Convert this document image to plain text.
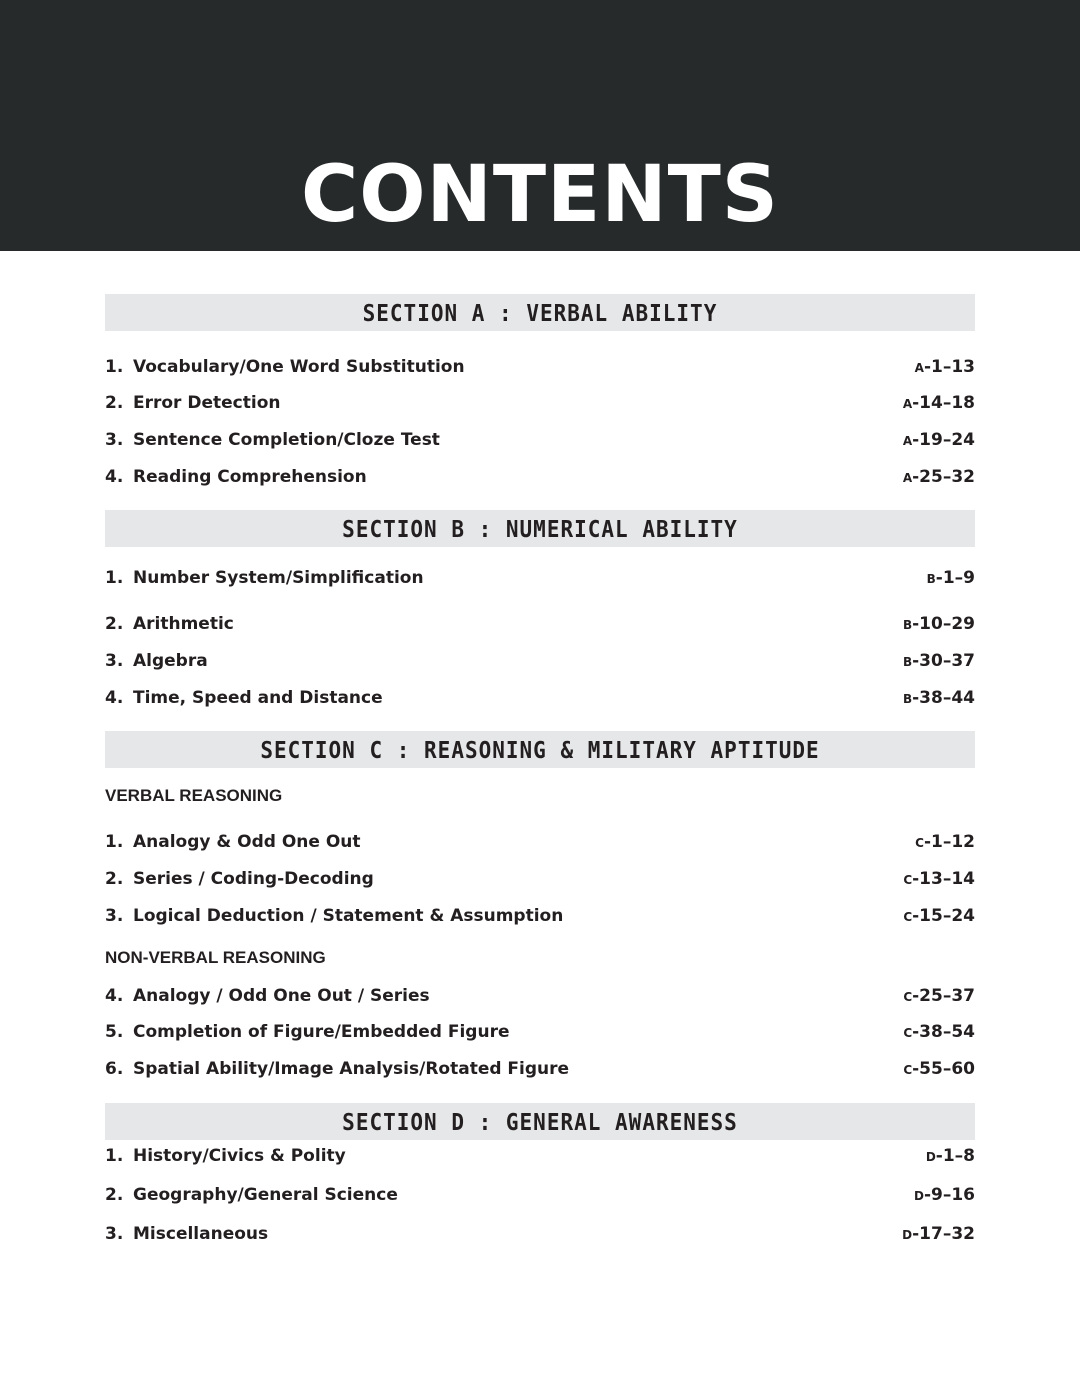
CONTENTS
SECTION A : VERBAL ABILITY
1. Vocabulary/One Word Substitution	A-1–13
2. Error Detection	A-14–18
3. Sentence Completion/Cloze Test	A-19–24
4. Reading Comprehension	A-25–32
SECTION B : NUMERICAL ABILITY
1. Number System/Simplification	B-1–9
2. Arithmetic	B-10–29
3. Algebra	B-30–37
4. Time, Speed and Distance	B-38–44
SECTION C : REASONING & MILITARY APTITUDE
VERBAL REASONING
1. Analogy & Odd One Out	C-1–12
2. Series / Coding-Decoding	C-13–14
3. Logical Deduction / Statement & Assumption	C-15–24
NON-VERBAL REASONING
4. Analogy / Odd One Out / Series	C-25–37
5. Completion of Figure/Embedded Figure	C-38–54
6. Spatial Ability/Image Analysis/Rotated Figure	C-55–60
SECTION D : GENERAL AWARENESS
1. History/Civics & Polity	D-1–8
2. Geography/General Science	D-9–16
3. Miscellaneous	D-17–32
